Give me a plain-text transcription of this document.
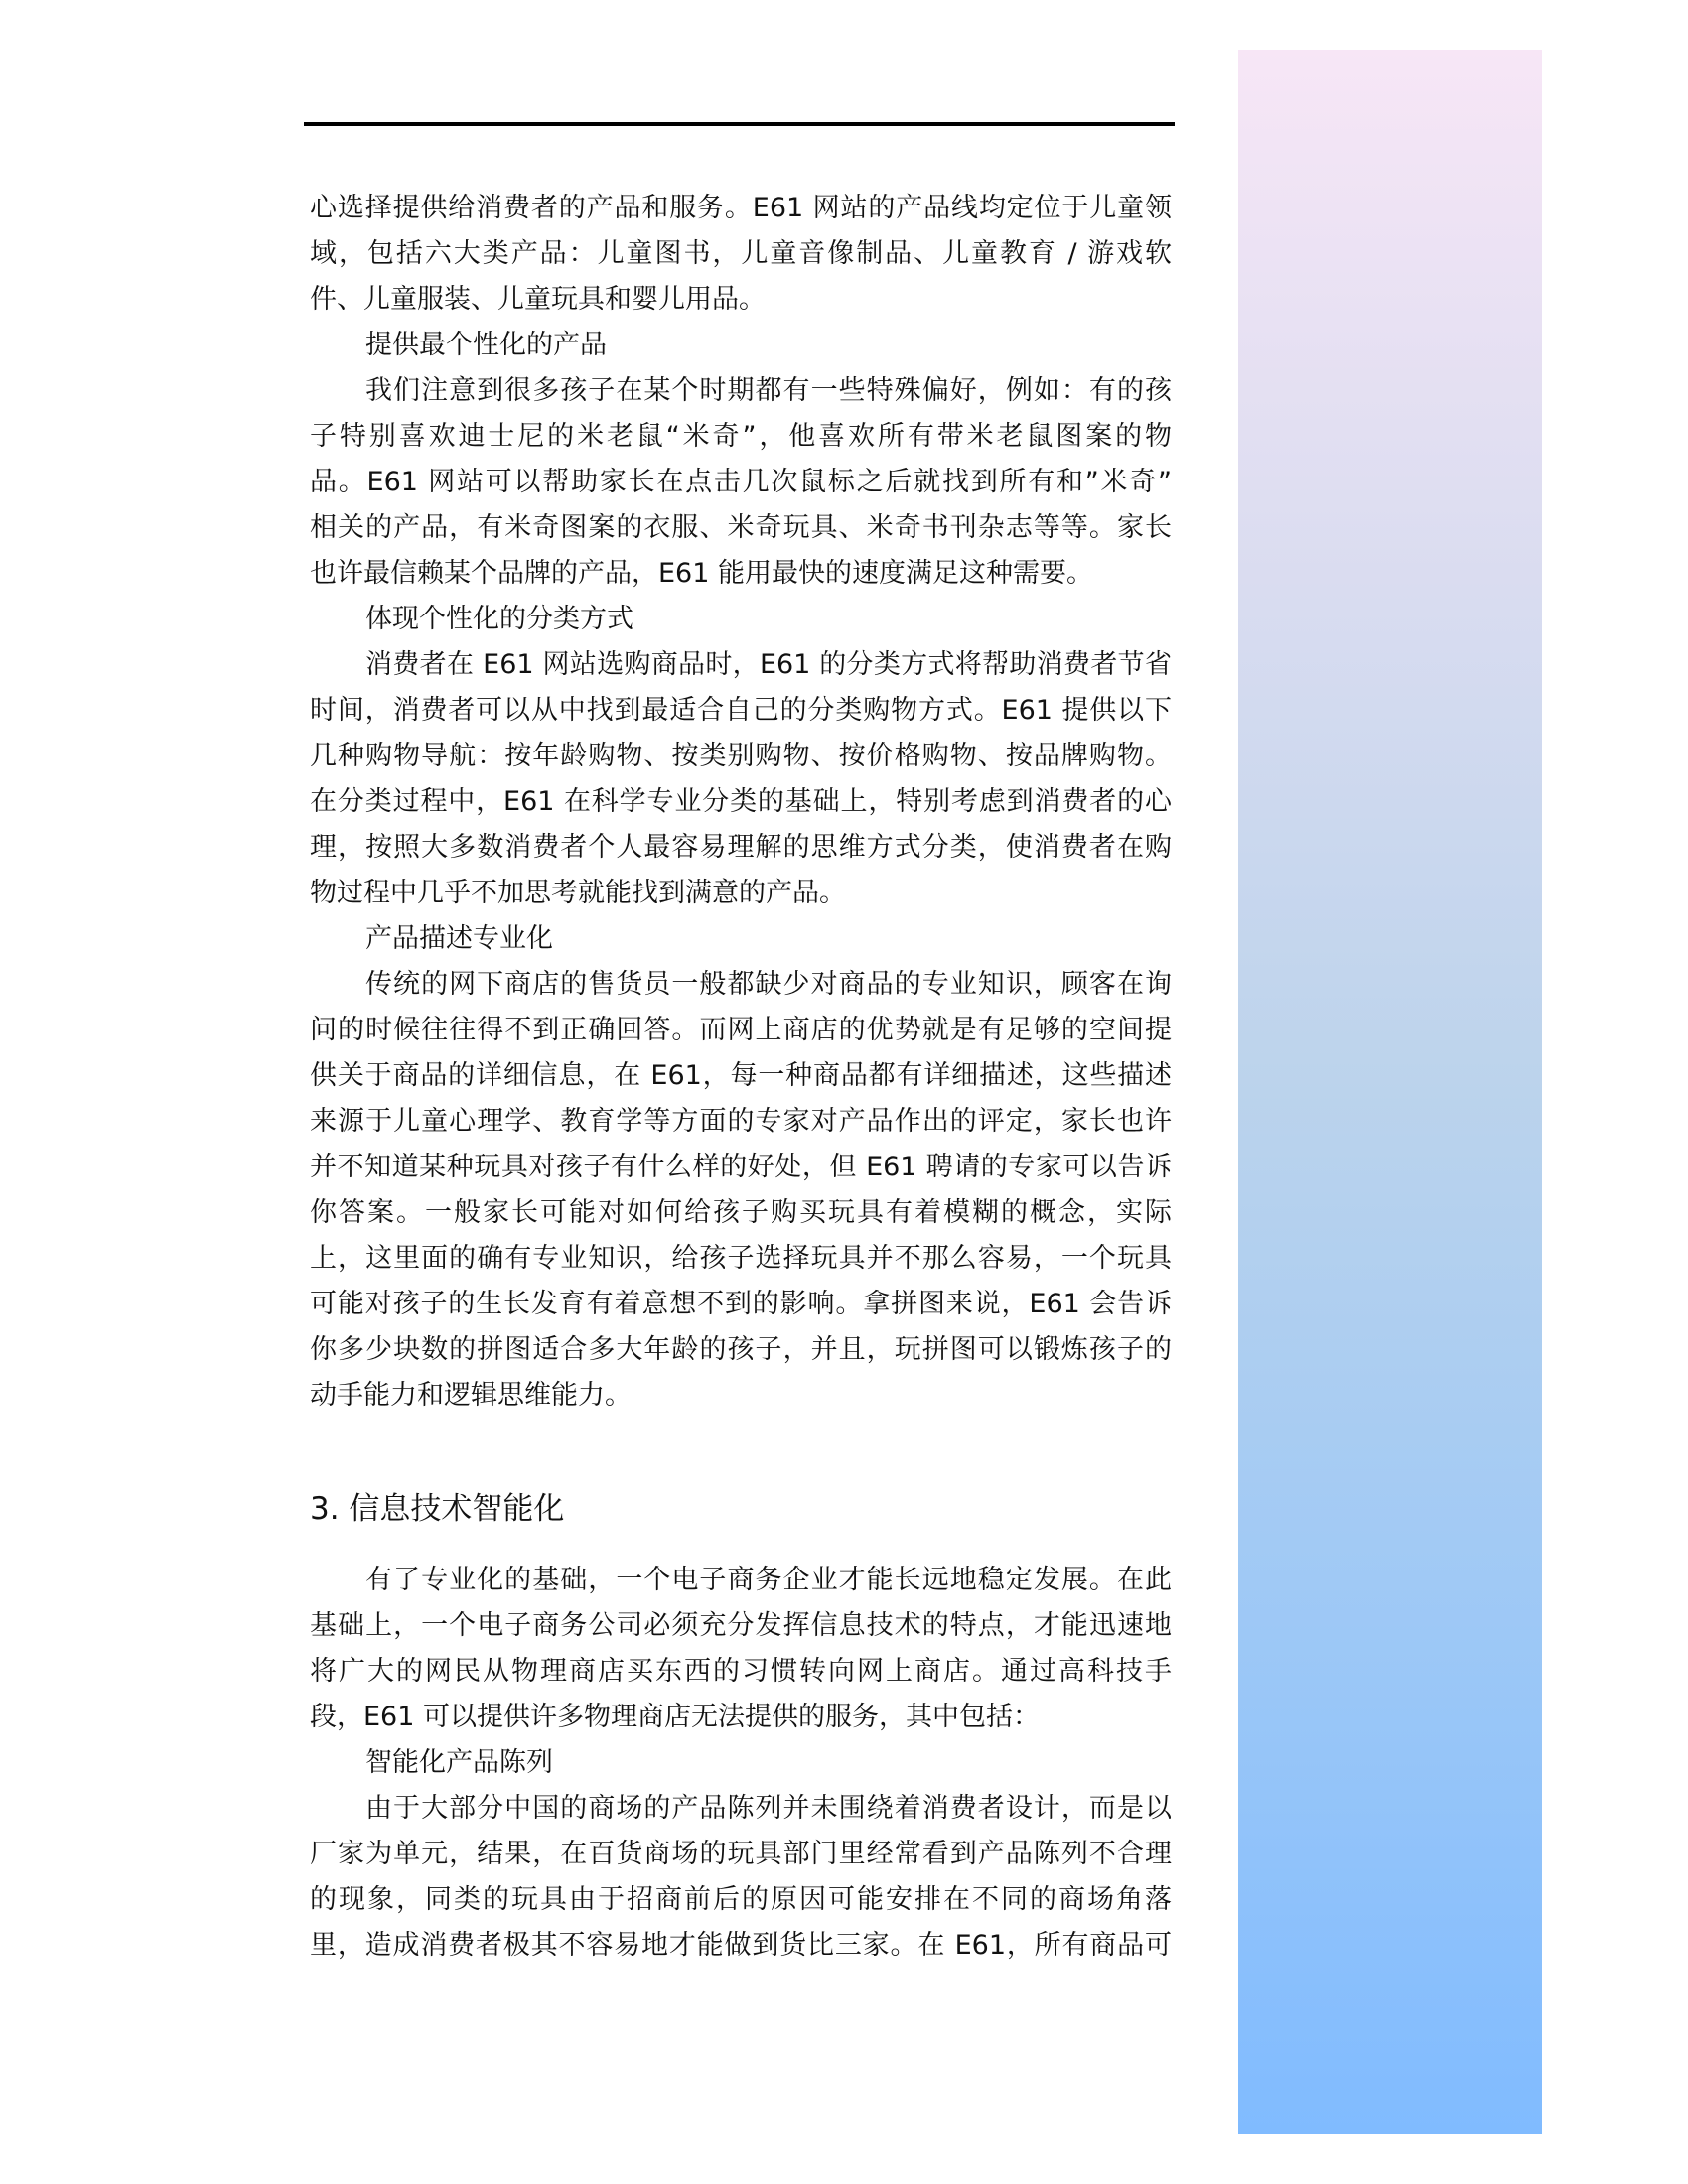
心选择提供给消费者的产品和服务。E61 网站的产品线均定位于儿童领
域，包括六大类产品：儿童图书，儿童音像制品、儿童教育 / 游戏软
件、儿童服装、儿童玩具和婴儿用品。
提供最个性化的产品
我们注意到很多孩子在某个时期都有一些特殊偏好，例如：有的孩
子特别喜欢迪士尼的米老鼠“米奇”，他喜欢所有带米老鼠图案的物
品。E61 网站可以帮助家长在点击几次鼠标之后就找到所有和”米奇”
相关的产品，有米奇图案的衣服、米奇玩具、米奇书刊杂志等等。家长
也许最信赖某个品牌的产品，E61 能用最快的速度满足这种需要。
体现个性化的分类方式
消费者在 E61 网站选购商品时，E61 的分类方式将帮助消费者节省
时间，消费者可以从中找到最适合自己的分类购物方式。E61 提供以下
几种购物导航：按年龄购物、按类别购物、按价格购物、按品牌购物。
在分类过程中，E61 在科学专业分类的基础上，特别考虑到消费者的心
理，按照大多数消费者个人最容易理解的思维方式分类，使消费者在购
物过程中几乎不加思考就能找到满意的产品。
产品描述专业化
传统的网下商店的售货员一般都缺少对商品的专业知识，顾客在询
问的时候往往得不到正确回答。而网上商店的优势就是有足够的空间提
供关于商品的详细信息，在 E61，每一种商品都有详细描述，这些描述
来源于儿童心理学、教育学等方面的专家对产品作出的评定，家长也许
并不知道某种玩具对孩子有什么样的好处，但 E61 聘请的专家可以告诉
你答案。一般家长可能对如何给孩子购买玩具有着模糊的概念，实际
上，这里面的确有专业知识，给孩子选择玩具并不那么容易，一个玩具
可能对孩子的生长发育有着意想不到的影响。拿拼图来说，E61 会告诉
你多少块数的拼图适合多大年龄的孩子，并且，玩拼图可以锻炼孩子的
动手能力和逻辑思维能力。
3. 信息技术智能化
有了专业化的基础，一个电子商务企业才能长远地稳定发展。在此
基础上，一个电子商务公司必须充分发挥信息技术的特点，才能迅速地
将广大的网民从物理商店买东西的习惯转向网上商店。通过高科技手
段，E61 可以提供许多物理商店无法提供的服务，其中包括：
智能化产品陈列
由于大部分中国的商场的产品陈列并未围绕着消费者设计，而是以
厂家为单元，结果，在百货商场的玩具部门里经常看到产品陈列不合理
的现象，同类的玩具由于招商前后的原因可能安排在不同的商场角落
里，造成消费者极其不容易地才能做到货比三家。在 E61，所有商品可
